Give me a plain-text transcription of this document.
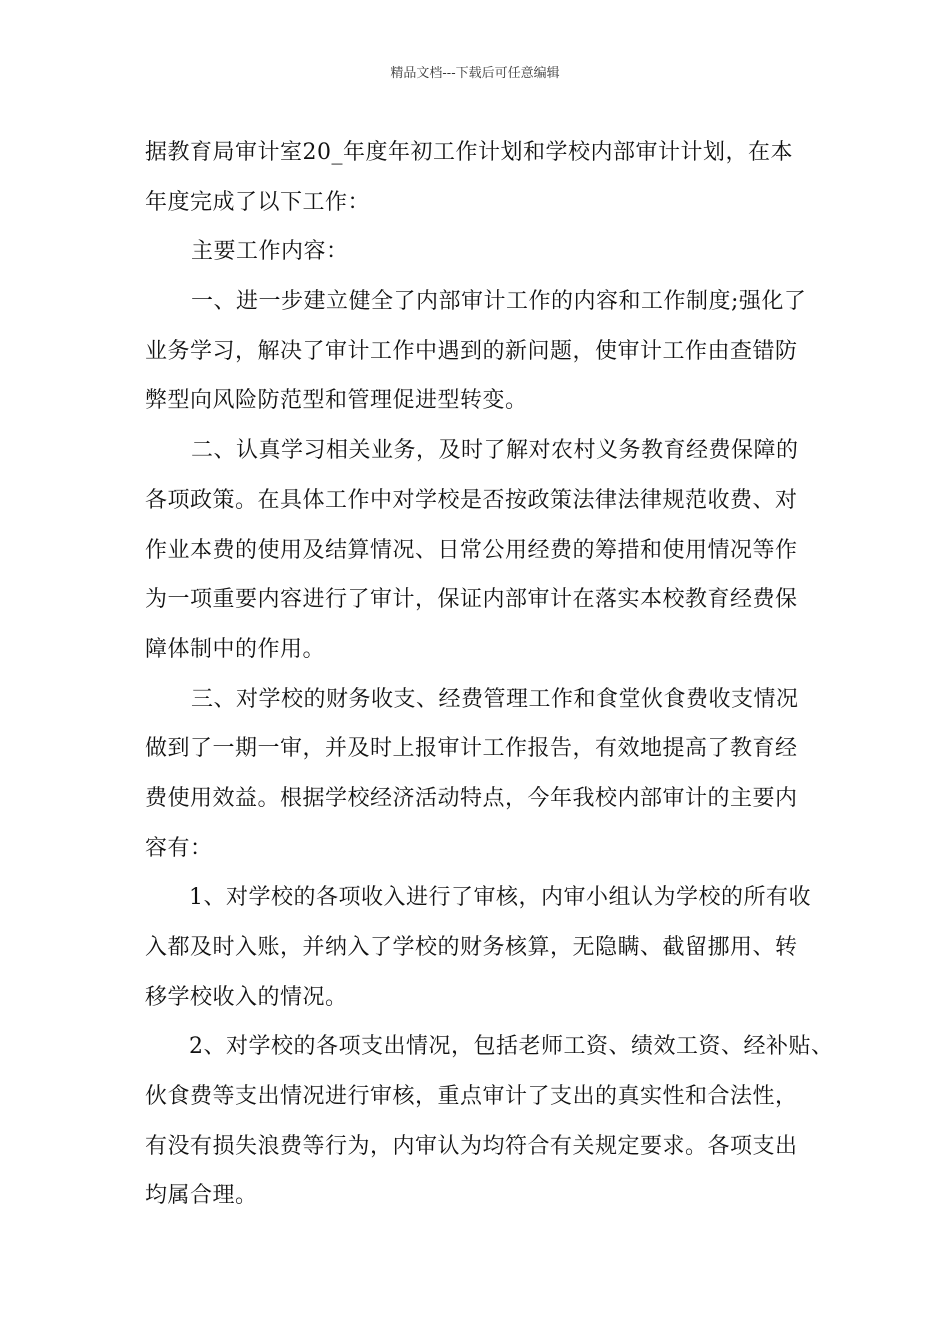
精品文档---下载后可任意编辑
据教育局审计室20_年度年初工作计划和学校内部审计计划，在本
年度完成了以下工作：
主要工作内容：
一、进一步建立健全了内部审计工作的内容和工作制度;强化了
业务学习，解决了审计工作中遇到的新问题，使审计工作由查错防
弊型向风险防范型和管理促进型转变。
二、认真学习相关业务，及时了解对农村义务教育经费保障的
各项政策。在具体工作中对学校是否按政策法律法律规范收费、对
作业本费的使用及结算情况、日常公用经费的筹措和使用情况等作
为一项重要内容进行了审计，保证内部审计在落实本校教育经费保
障体制中的作用。
三、对学校的财务收支、经费管理工作和食堂伙食费收支情况
做到了一期一审，并及时上报审计工作报告，有效地提高了教育经
费使用效益。根据学校经济活动特点，今年我校内部审计的主要内
容有：
1、对学校的各项收入进行了审核，内审小组认为学校的所有收
入都及时入账，并纳入了学校的财务核算，无隐瞒、截留挪用、转
移学校收入的情况。
2、对学校的各项支出情况，包括老师工资、绩效工资、经补贴、
伙食费等支出情况进行审核，重点审计了支出的真实性和合法性，
有没有损失浪费等行为，内审认为均符合有关规定要求。各项支出
均属合理。
